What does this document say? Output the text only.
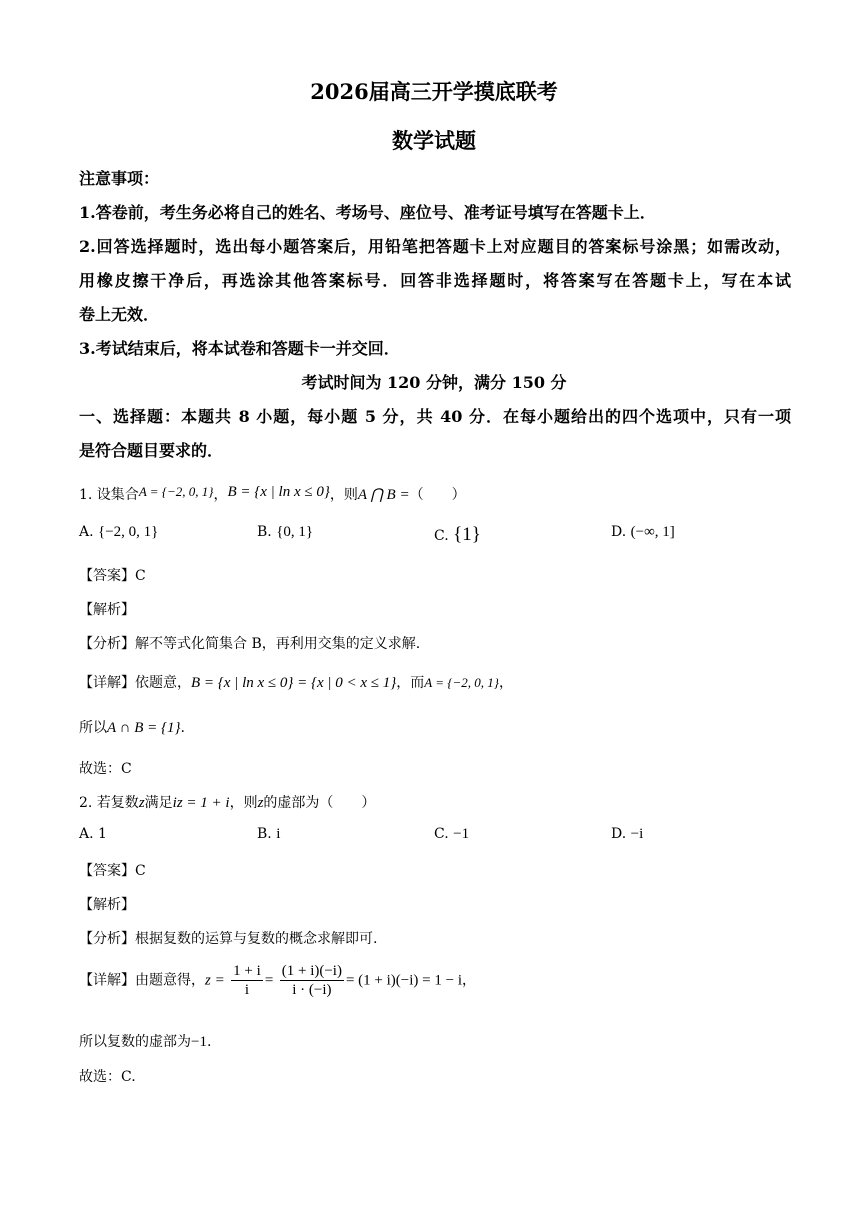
2026届高三开学摸底联考
数学试题
注意事项：
1.答卷前，考生务必将自己的姓名、考场号、座位号、准考证号填写在答题卡上．
2.回答选择题时，选出每小题答案后，用铅笔把答题卡上对应题目的答案标号涂黑；如需改动，
用橡皮擦干净后，再选涂其他答案标号．回答非选择题时，将答案写在答题卡上，写在本试
卷上无效．
3.考试结束后，将本试卷和答题卡一并交回．
考试时间为 120 分钟，满分 150 分
一、选择题：本题共 8 小题，每小题 5 分，共 40 分．在每小题给出的四个选项中，只有一项
是符合题目要求的．
1. 设集合A = {−2, 0, 1}，B = {x | ln x ≤ 0}，则A ⋂ B =（　　）
A. {−2, 0, 1}	B. {0, 1}	C. {1}	D. (−∞, 1]
【答案】C
【解析】
【分析】解不等式化简集合 B，再利用交集的定义求解.
【详解】依题意，B = {x | ln x ≤ 0} = {x | 0 < x ≤ 1}，而A = {−2, 0, 1}，
所以A ∩ B = {1}.
故选：C
2. 若复数z满足iz = 1 + i，则z的虚部为（　　）
A. 1	B. i	C. −1	D. −i
【答案】C
【解析】
【分析】根据复数的运算与复数的概念求解即可.
【详解】由题意得，$z = \frac{1 + i}{i} = \frac{(1 + i)(-i)}{i \cdot (-i)} = (1 + i)(-i) = 1 - i$，
所以复数的虚部为−1.
故选：C.
